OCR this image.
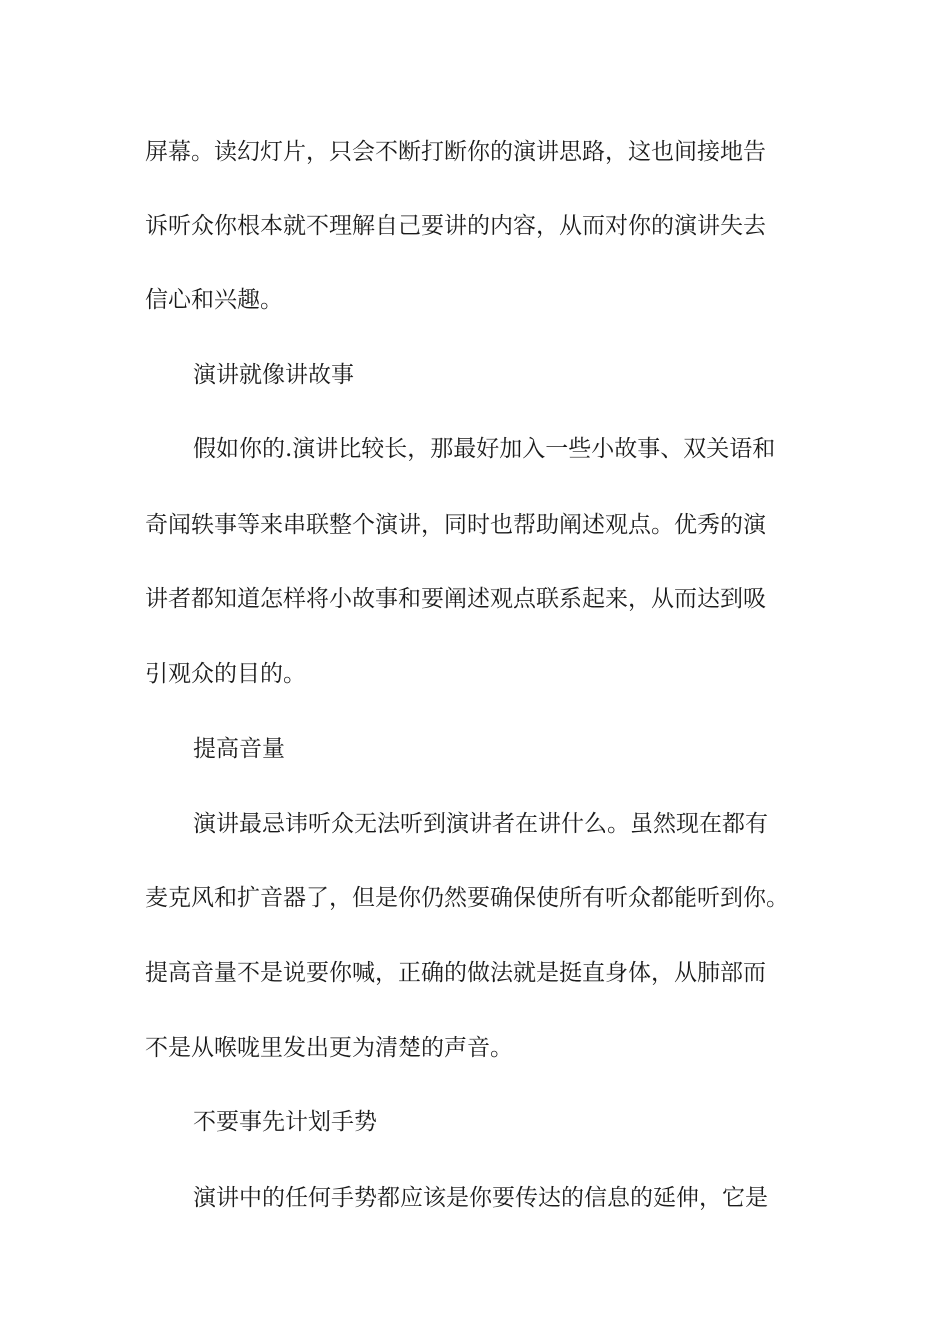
屏幕。读幻灯片，只会不断打断你的演讲思路，这也间接地告
诉听众你根本就不理解自己要讲的内容，从而对你的演讲失去
信心和兴趣。
演讲就像讲故事
假如你的.演讲比较长，那最好加入一些小故事、双关语和
奇闻轶事等来串联整个演讲，同时也帮助阐述观点。优秀的演
讲者都知道怎样将小故事和要阐述观点联系起来，从而达到吸
引观众的目的。
提高音量
演讲最忌讳听众无法听到演讲者在讲什么。虽然现在都有
麦克风和扩音器了，但是你仍然要确保使所有听众都能听到你。
提高音量不是说要你喊，正确的做法就是挺直身体，从肺部而
不是从喉咙里发出更为清楚的声音。
不要事先计划手势
演讲中的任何手势都应该是你要传达的信息的延伸，它是
